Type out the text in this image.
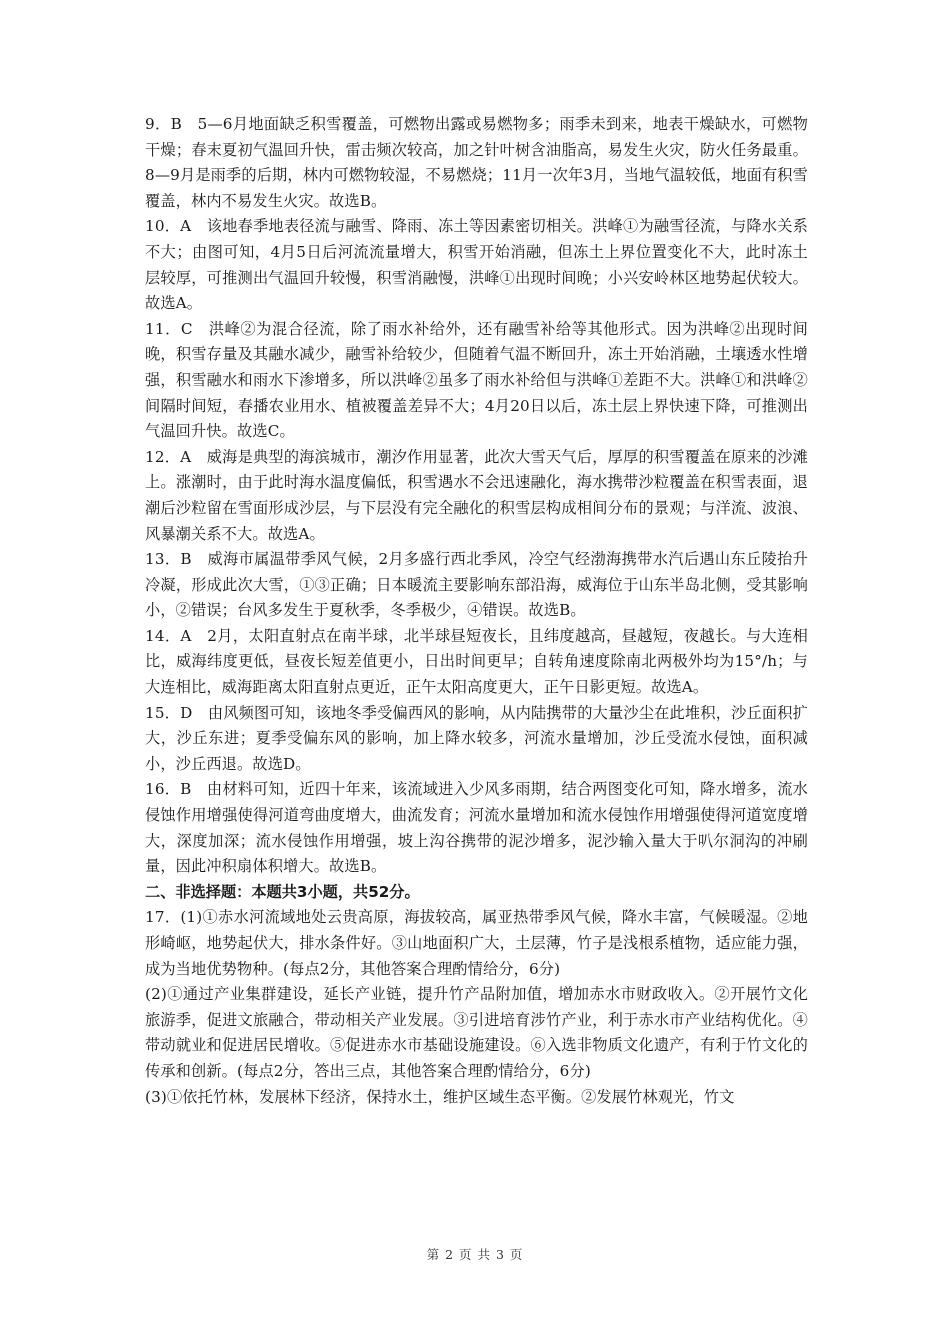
9．B　5—6月地面缺乏积雪覆盖，可燃物出露或易燃物多；雨季未到来，地表干燥缺水，可燃物干燥；春末夏初气温回升快，雷击频次较高，加之针叶树含油脂高，易发生火灾，防火任务最重。8—9月是雨季的后期，林内可燃物较湿，不易燃烧；11月一次年3月，当地气温较低，地面有积雪覆盖，林内不易发生火灾。故选B。

10．A　该地春季地表径流与融雪、降雨、冻土等因素密切相关。洪峰①为融雪径流，与降水关系不大；由图可知，4月5日后河流流量增大，积雪开始消融，但冻土上界位置变化不大，此时冻土层较厚，可推测出气温回升较慢，积雪消融慢，洪峰①出现时间晚；小兴安岭林区地势起伏较大。故选A。

11．C　洪峰②为混合径流，除了雨水补给外，还有融雪补给等其他形式。因为洪峰②出现时间晚，积雪存量及其融水减少，融雪补给较少，但随着气温不断回升，冻土开始消融，土壤透水性增强，积雪融水和雨水下渗增多，所以洪峰②虽多了雨水补给但与洪峰①差距不大。洪峰①和洪峰②间隔时间短，春播农业用水、植被覆盖差异不大；4月20日以后，冻土层上界快速下降，可推测出气温回升快。故选C。

12．A　威海是典型的海滨城市，潮汐作用显著，此次大雪天气后，厚厚的积雪覆盖在原来的沙滩上。涨潮时，由于此时海水温度偏低，积雪遇水不会迅速融化，海水携带沙粒覆盖在积雪表面，退潮后沙粒留在雪面形成沙层，与下层没有完全融化的积雪层构成相间分布的景观；与洋流、波浪、风暴潮关系不大。故选A。

13．B　威海市属温带季风气候，2月多盛行西北季风，冷空气经渤海携带水汽后遇山东丘陵抬升冷凝，形成此次大雪，①③正确；日本暖流主要影响东部沿海，威海位于山东半岛北侧，受其影响小，②错误；台风多发生于夏秋季，冬季极少，④错误。故选B。

14．A　2月，太阳直射点在南半球，北半球昼短夜长，且纬度越高，昼越短，夜越长。与大连相比，威海纬度更低，昼夜长短差值更小，日出时间更早；自转角速度除南北两极外均为15°/h；与大连相比，威海距离太阳直射点更近，正午太阳高度更大，正午日影更短。故选A。

15．D　由风频图可知，该地冬季受偏西风的影响，从内陆携带的大量沙尘在此堆积，沙丘面积扩大，沙丘东进；夏季受偏东风的影响，加上降水较多，河流水量增加，沙丘受流水侵蚀，面积减小，沙丘西退。故选D。

16．B　由材料可知，近四十年来，该流域进入少风多雨期，结合两图变化可知，降水增多，流水侵蚀作用增强使得河道弯曲度增大，曲流发育；河流水量增加和流水侵蚀作用增强使得河道宽度增大，深度加深；流水侵蚀作用增强，坡上沟谷携带的泥沙增多，泥沙输入量大于叭尔洞沟的冲刷量，因此冲积扇体积增大。故选B。

二、非选择题：本题共3小题，共52分。

17．(1)①赤水河流域地处云贵高原，海拔较高，属亚热带季风气候，降水丰富，气候暖湿。②地形崎岖，地势起伏大，排水条件好。③山地面积广大，土层薄，竹子是浅根系植物，适应能力强，成为当地优势物种。(每点2分，其他答案合理酌情给分，6分)

(2)①通过产业集群建设，延长产业链，提升竹产品附加值，增加赤水市财政收入。②开展竹文化旅游季，促进文旅融合，带动相关产业发展。③引进培育涉竹产业，利于赤水市产业结构优化。④带动就业和促进居民增收。⑤促进赤水市基础设施建设。⑥入选非物质文化遗产，有利于竹文化的传承和创新。(每点2分，答出三点，其他答案合理酌情给分，6分)

(3)①依托竹林，发展林下经济，保持水土，维护区域生态平衡。②发展竹林观光，竹文

第 2 页 共 3 页
